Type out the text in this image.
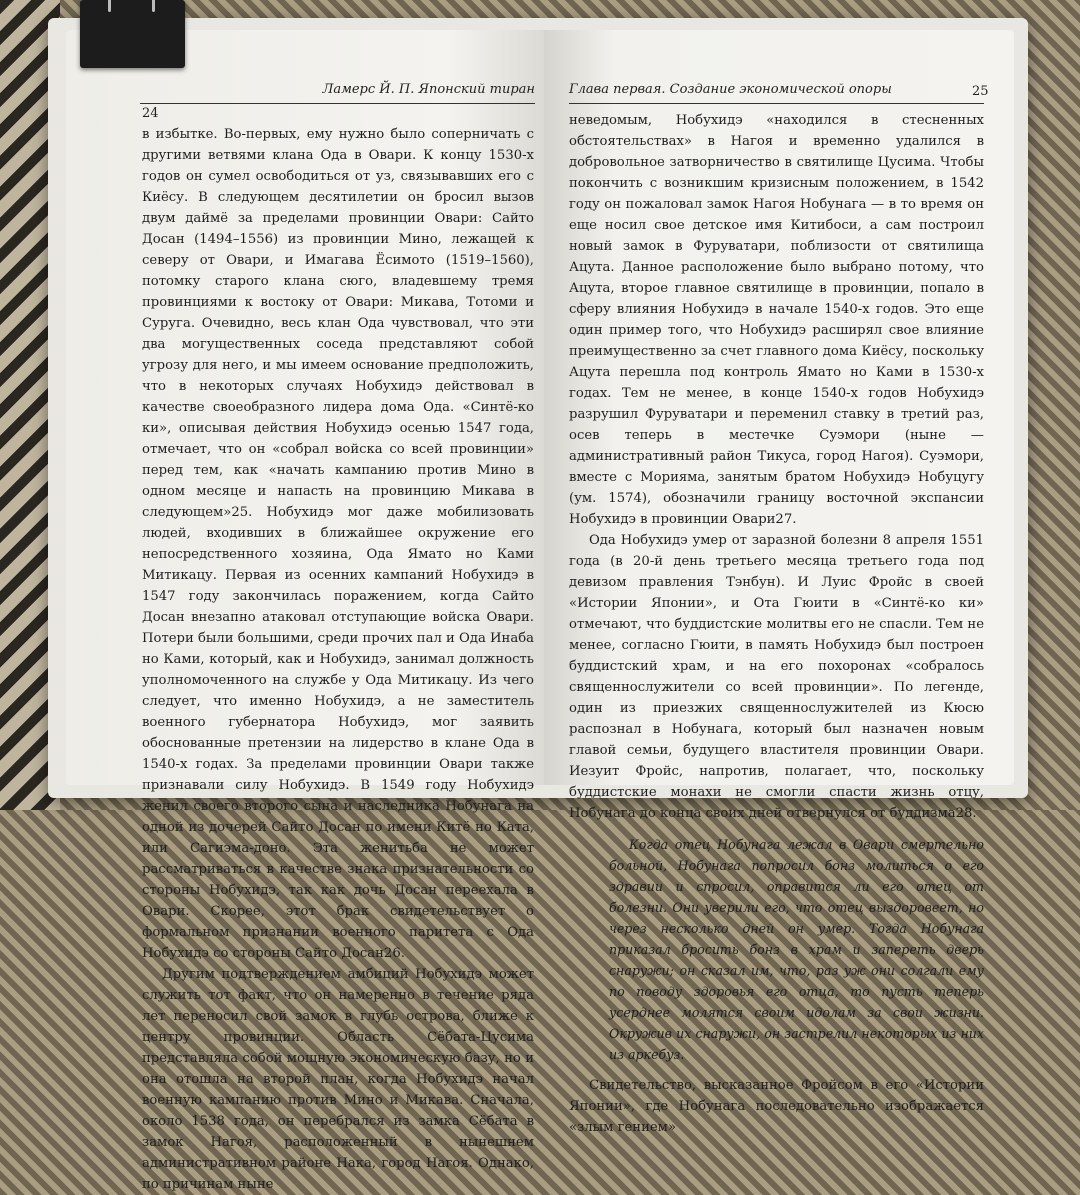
Ламерс Й. П. Японский тиран
24

в избытке. Во-первых, ему нужно было соперничать с другими ветвями клана Ода в Овари. К концу 1530-х годов он сумел освободиться от уз, связывавших его с Киёсу. В следующем десятилетии он бросил вызов двум даймё за пределами провинции Овари: Сайто Досан (1494–1556) из провинции Мино, лежащей к северу от Овари, и Имагава Ёсимото (1519–1560), потомку старого клана сюго, владевшему тремя провинциями к востоку от Овари: Микава, Тотоми и Суруга. Очевидно, весь клан Ода чувствовал, что эти два могущественных соседа представляют собой угрозу для него, и мы имеем основание предположить, что в некоторых случаях Нобухидэ действовал в качестве своеобразного лидера дома Ода. «Синтё-ко ки», описывая действия Нобухидэ осенью 1547 года, отмечает, что он «собрал войска со всей провинции» перед тем, как «начать кампанию против Мино в одном месяце и напасть на провинцию Микава в следующем»25. Нобухидэ мог даже мобилизовать людей, входивших в ближайшее окружение его непосредственного хозяина, Ода Ямато но Ками Митикацу. Первая из осенних кампаний Нобухидэ в 1547 году закончилась поражением, когда Сайто Досан внезапно атаковал отступающие войска Овари. Потери были большими, среди прочих пал и Ода Инаба но Ками, который, как и Нобухидэ, занимал должность уполномоченного на службе у Ода Митикацу. Из чего следует, что именно Нобухидэ, а не заместитель военного губернатора Нобухидэ, мог заявить обоснованные претензии на лидерство в клане Ода в 1540-х годах. За пределами провинции Овари также признавали силу Нобухидэ. В 1549 году Нобухидэ женил своего второго сына и наследника Нобунага на одной из дочерей Сайто Досан по имени Китё но Ката, или Сагиэма-доно. Эта женитьба не может рассматриваться в качестве знака признательности со стороны Нобухидэ, так как дочь Досан переехала в Овари. Скорее, этот брак свидетельствует о формальном признании военного паритета с Ода Нобухидэ со стороны Сайто Досан26.

Другим подтверждением амбиций Нобухидэ может служить тот факт, что он намеренно в течение ряда лет переносил свой замок в глубь острова, ближе к центру провинции. Область Сёбата-Цусима представляла собой мощную экономическую базу, но и она отошла на второй план, когда Нобухидэ начал военную кампанию против Мино и Микава. Сначала, около 1538 года, он перебрался из замка Сёбата в замок Нагоя, расположенный в нынешнем административном районе Нака, город Нагоя. Однако, по причинам ныне

Глава первая. Создание экономической опоры	25

неведомым, Нобухидэ «находился в стесненных обстоятельствах» в Нагоя и временно удалился в добровольное затворничество в святилище Цусима. Чтобы покончить с возникшим кризисным положением, в 1542 году он пожаловал замок Нагоя Нобунага — в то время он еще носил свое детское имя Китибоси, а сам построил новый замок в Фуруватари, поблизости от святилища Ацута. Данное расположение было выбрано потому, что Ацута, второе главное святилище в провинции, попало в сферу влияния Нобухидэ в начале 1540-х годов. Это еще один пример того, что Нобухидэ расширял свое влияние преимущественно за счет главного дома Киёсу, поскольку Ацута перешла под контроль Ямато но Ками в 1530-х годах. Тем не менее, в конце 1540-х годов Нобухидэ разрушил Фуруватари и переменил ставку в третий раз, осев теперь в местечке Суэмори (ныне — административный район Тикуса, город Нагоя). Суэмори, вместе с Морияма, занятым братом Нобухидэ Нобуцугу (ум. 1574), обозначили границу восточной экспансии Нобухидэ в провинции Овари27.

Ода Нобухидэ умер от заразной болезни 8 апреля 1551 года (в 20-й день третьего месяца третьего года под девизом правления Тэнбун). И Луис Фройс в своей «Истории Японии», и Ота Гюити в «Синтё-ко ки» отмечают, что буддистские молитвы его не спасли. Тем не менее, согласно Гюити, в память Нобухидэ был построен буддистский храм, и на его похоронах «собралось священнослужители со всей провинции». По легенде, один из приезжих священнослужителей из Кюсю распознал в Нобунага, который был назначен новым главой семьи, будущего властителя провинции Овари. Иезуит Фройс, напротив, полагает, что, поскольку буддистские монахи не смогли спасти жизнь отцу, Нобунага до конца своих дней отвернулся от буддизма28.

Когда отец Нобунага лежал в Овари смертельно больной, Нобунага попросил бонз молиться о его здравии и спросил, оправится ли его отец от болезни. Они уверили его, что отец выздоровеет, но через несколько дней он умер. Тогда Нобунага приказал бросить бонз в храм и запереть дверь снаружи; он сказал им, что, раз уж они солгали ему по поводу здоровья его отца, то пусть теперь усерднее молятся своим идолам за свои жизни. Окружив их снаружи, он застрелил некоторых из них из аркебуз.

Свидетельство, высказанное Фройсом в его «Истории Японии», где Нобунага последовательно изображается «злым гением»
